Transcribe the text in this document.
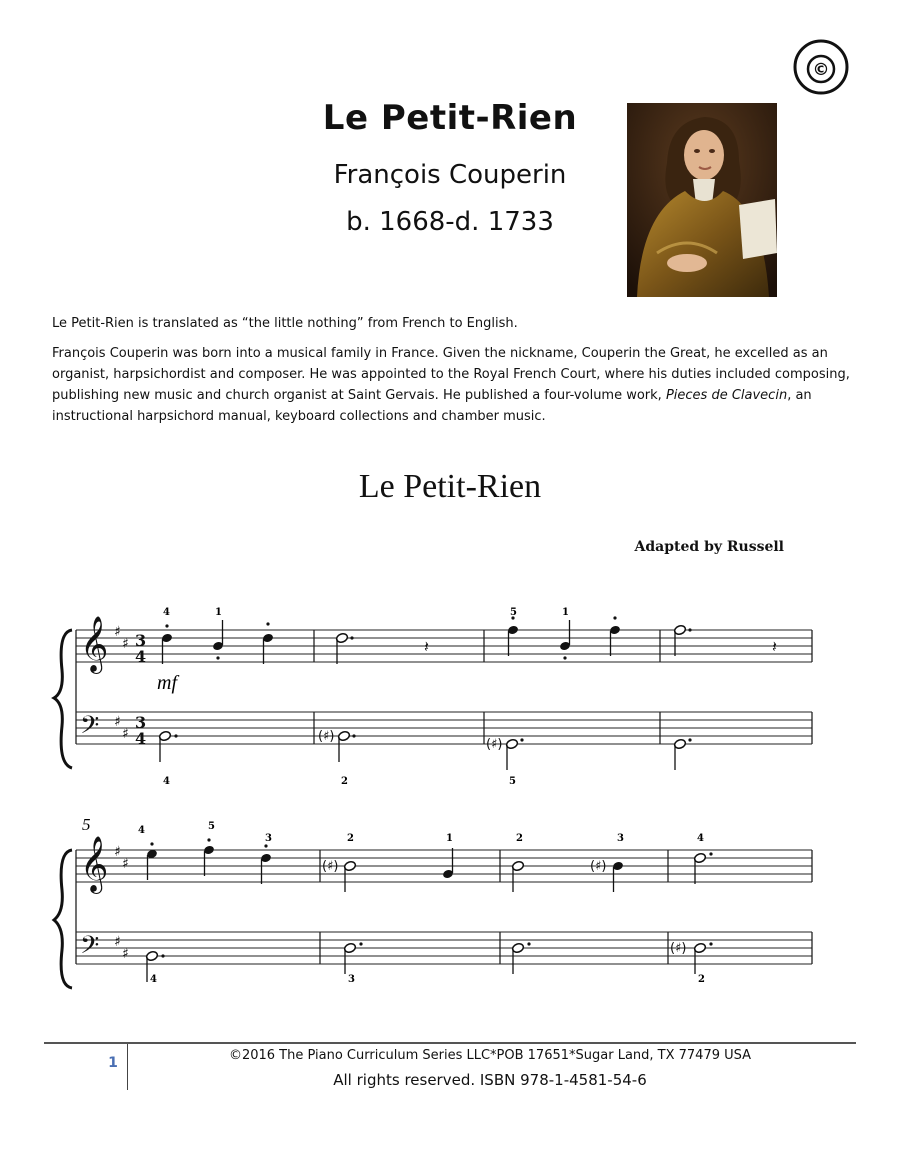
Le Petit-Rien
François Couperin
b. 1668-d. 1733
©
Le Petit-Rien is translated as “the little nothing” from French to English.
François Couperin was born into a musical family in France. Given the nickname, Couperin the Great, he excelled as an organist, harpsichordist and composer. He was appointed to the Royal French Court, where his duties included composing, publishing new music and church organist at Saint Gervais. He published a four-volume work, Pieces de Clavecin, an instructional harpsichord manual, keyboard collections and chamber music.
Le Petit-Rien
Adapted by Russell
𝄞
𝄢
♯
♯
♯
♯
3
4
3
4
𝄽	𝄽
(♯)
(♯)
4	1	5	1
4	2	5
mf
5
𝄞
𝄢
♯
♯
♯
♯
(♯)	(♯)
(♯)
4	5
3	2	1	2	3	4
4	3	2
1	©2016 The Piano Curriculum Series LLC*POB 17651*Sugar Land, TX 77479 USA
All rights reserved. ISBN 978-1-4581-54-6
